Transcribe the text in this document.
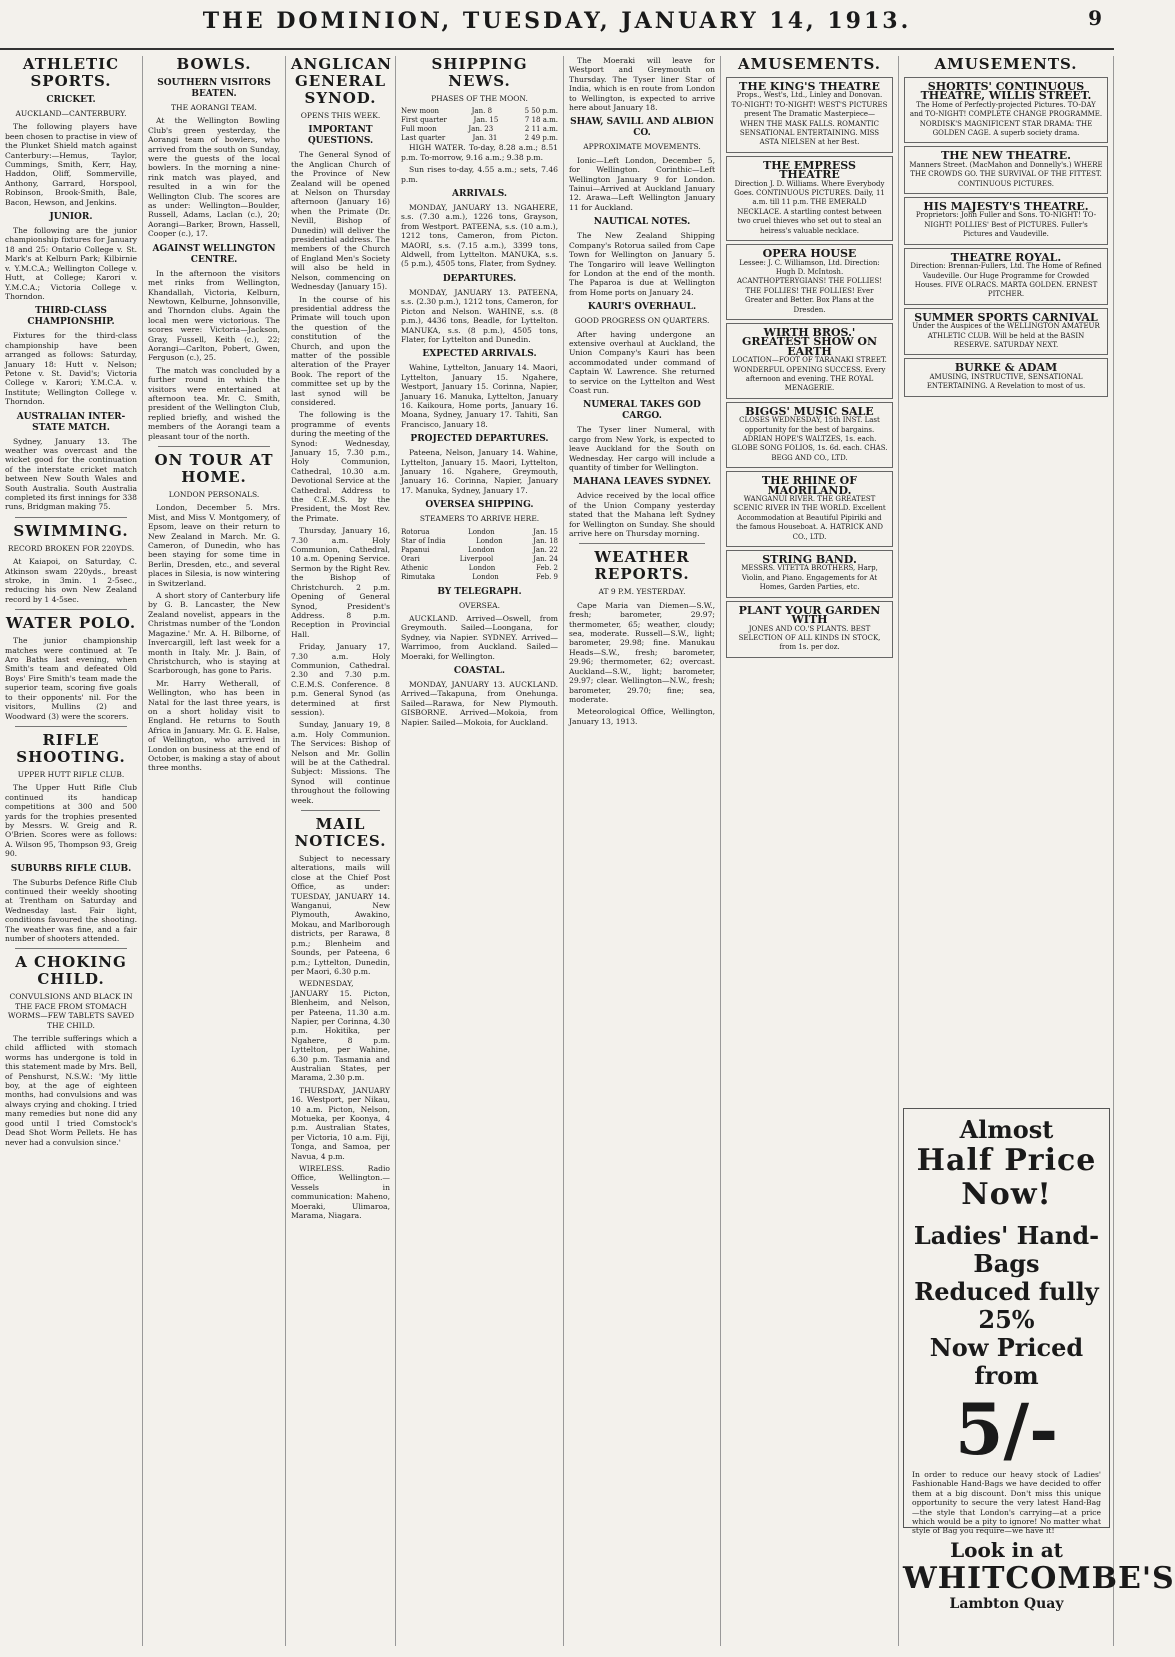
THE DOMINION, TUESDAY, JANUARY 14, 1913.	9
ATHLETIC SPORTS.
CRICKET.
AUCKLAND—CANTERBURY.

The following players have been chosen to practise in view of the Plunket Shield match against Canterbury:—Hemus, Taylor, Cummings, Smith, Kerr, Hay, Haddon, Oliff, Sommerville, Anthony, Garrard, Horspool, Robinson, Brook-Smith, Bale, Bacon, Hewson, and Jenkins.

JUNIOR.

The following are the junior championship fixtures for January 18 and 25: Ontario College v. St. Mark's at Kelburn Park; Kilbirnie v. Y.M.C.A.; Wellington College v. Hutt, at College; Karori v. Y.M.C.A.; Victoria College v. Thorndon.

THIRD-CLASS CHAMPIONSHIP.

Fixtures for the third-class championship have been arranged as follows: Saturday, January 18: Hutt v. Nelson; Petone v. St. David's; Victoria College v. Karori; Y.M.C.A. v. Institute; Wellington College v. Thorndon.

AUSTRALIAN INTER-STATE MATCH.

Sydney, January 13. The weather was overcast and the wicket good for the continuation of the interstate cricket match between New South Wales and South Australia. South Australia completed its first innings for 338 runs, Bridgman making 75.

SWIMMING.
RECORD BROKEN FOR 220YDS.

At Kaiapoi, on Saturday, C. Atkinson swam 220yds., breast stroke, in 3min. 1 2-5sec., reducing his own New Zealand record by 1 4-5sec.

WATER POLO.

The junior championship matches were continued at Te Aro Baths last evening, when Smith's team and defeated Old Boys' Fire Smith's team made the superior team, scoring five goals to their opponents' nil. For the visitors, Mullins (2) and Woodward (3) were the scorers.

RIFLE SHOOTING.
UPPER HUTT RIFLE CLUB.

The Upper Hutt Rifle Club continued its handicap competitions at 300 and 500 yards for the trophies presented by Messrs. W. Greig and R. O'Brien. Scores were as follows: A. Wilson 95, Thompson 93, Greig 90.

SUBURBS RIFLE CLUB.

The Suburbs Defence Rifle Club continued their weekly shooting at Trentham on Saturday and Wednesday last. Fair light, conditions favoured the shooting. The weather was fine, and a fair number of shooters attended.

A CHOKING CHILD.
CONVULSIONS AND BLACK IN THE FACE FROM STOMACH WORMS—FEW TABLETS SAVED THE CHILD.

The terrible sufferings which a child afflicted with stomach worms has undergone is told in this statement made by Mrs. Bell, of Penshurst, N.S.W.: 'My little boy, at the age of eighteen months, had convulsions and was always crying and choking. I tried many remedies but none did any good until I tried Comstock's Dead Shot Worm Pellets. He has never had a convulsion since.'

BOWLS.
SOUTHERN VISITORS BEATEN.
THE AORANGI TEAM.

At the Wellington Bowling Club's green yesterday, the Aorangi team of bowlers, who arrived from the south on Sunday, were the guests of the local bowlers. In the morning a nine-rink match was played, and resulted in a win for the Wellington Club. The scores are as under: Wellington—Boulder, Russell, Adams, Laclan (c.), 20; Aorangi—Barker, Brown, Hassell, Cooper (c.), 17.

AGAINST WELLINGTON CENTRE.

In the afternoon the visitors met rinks from Wellington, Khandallah, Victoria, Kelburn, Newtown, Kelburne, Johnsonville, and Thorndon clubs. Again the local men were victorious. The scores were: Victoria—Jackson, Gray, Fussell, Keith (c.), 22; Aorangi—Carlton, Pobert, Gwen, Ferguson (c.), 25.

The match was concluded by a further round in which the visitors were entertained at afternoon tea. Mr. C. Smith, president of the Wellington Club, replied briefly, and wished the members of the Aorangi team a pleasant tour of the north.

ON TOUR AT HOME.
LONDON PERSONALS.

London, December 5. Mrs. Mist, and Miss V. Montgomery, of Epsom, leave on their return to New Zealand in March. Mr. G. Cameron, of Dunedin, who has been staying for some time in Berlin, Dresden, etc., and several places in Silesia, is now wintering in Switzerland.

A short story of Canterbury life by G. B. Lancaster, the New Zealand novelist, appears in the Christmas number of the 'London Magazine.' Mr. A. H. Bilborne, of Invercargill, left last week for a month in Italy. Mr. J. Bain, of Christchurch, who is staying at Scarborough, has gone to Paris.

Mr. Harry Wetherall, of Wellington, who has been in Natal for the last three years, is on a short holiday visit to England. He returns to South Africa in January. Mr. G. E. Halse, of Wellington, who arrived in London on business at the end of October, is making a stay of about three months.

ANGLICAN GENERAL SYNOD.
OPENS THIS WEEK.
IMPORTANT QUESTIONS.

The General Synod of the Anglican Church of the Province of New Zealand will be opened at Nelson on Thursday afternoon (January 16) when the Primate (Dr. Nevill, Bishop of Dunedin) will deliver the presidential address. The members of the Church of England Men's Society will also be held in Nelson, commencing on Wednesday (January 15).

In the course of his presidential address the Primate will touch upon the question of the constitution of the Church, and upon the matter of the possible alteration of the Prayer Book. The report of the committee set up by the last synod will be considered.

The following is the programme of events during the meeting of the Synod: Wednesday, January 15, 7.30 p.m., Holy Communion, Cathedral, 10.30 a.m. Devotional Service at the Cathedral. Address to the C.E.M.S. by the President, the Most Rev. the Primate.

Thursday, January 16, 7.30 a.m. Holy Communion, Cathedral, 10 a.m. Opening Service. Sermon by the Right Rev. the Bishop of Christchurch. 2 p.m. Opening of General Synod, President's Address. 8 p.m. Reception in Provincial Hall.

Friday, January 17, 7.30 a.m. Holy Communion, Cathedral. 2.30 and 7.30 p.m. C.E.M.S. Conference. 8 p.m. General Synod (as determined at first session).

Sunday, January 19, 8 a.m. Holy Communion. The Services: Bishop of Nelson and Mr. Gollin will be at the Cathedral. Subject: Missions. The Synod will continue throughout the following week.

MAIL NOTICES.

Subject to necessary alterations, mails will close at the Chief Post Office, as under: TUESDAY, JANUARY 14. Wanganui, New Plymouth, Awakino, Mokau, and Marlborough districts, per Rarawa, 8 p.m.; Blenheim and Sounds, per Pateena, 6 p.m.; Lyttelton, Dunedin, per Maori, 6.30 p.m.

WEDNESDAY, JANUARY 15. Picton, Blenheim, and Nelson, per Pateena, 11.30 a.m. Napier, per Corinna, 4.30 p.m. Hokitika, per Ngahere, 8 p.m. Lyttelton, per Wahine, 6.30 p.m. Tasmania and Australian States, per Marama, 2.30 p.m.

THURSDAY, JANUARY 16. Westport, per Nikau, 10 a.m. Picton, Nelson, Motueka, per Koonya, 4 p.m. Australian States, per Victoria, 10 a.m. Fiji, Tonga, and Samoa, per Navua, 4 p.m.

WIRELESS. Radio Office, Wellington.—Vessels in communication: Maheno, Moeraki, Ulimaroa, Marama, Niagara.

SHIPPING NEWS.
PHASES OF THE MOON.
New moon	Jan. 8	5 50 p.m.
First quarter	Jan. 15	7 18 a.m.
Full moon	Jan. 23	2 11 a.m.
Last quarter	Jan. 31	2 49 p.m.

HIGH WATER. To-day, 8.28 a.m.; 8.51 p.m. To-morrow, 9.16 a.m.; 9.38 p.m.

Sun rises to-day, 4.55 a.m.; sets, 7.46 p.m.

ARRIVALS.

MONDAY, JANUARY 13. NGAHERE, s.s. (7.30 a.m.), 1226 tons, Grayson, from Westport. PATEENA, s.s. (10 a.m.), 1212 tons, Cameron, from Picton. MAORI, s.s. (7.15 a.m.), 3399 tons, Aldwell, from Lyttelton. MANUKA, s.s. (5 p.m.), 4505 tons, Flater, from Sydney.

DEPARTURES.

MONDAY, JANUARY 13. PATEENA, s.s. (2.30 p.m.), 1212 tons, Cameron, for Picton and Nelson. WAHINE, s.s. (8 p.m.), 4436 tons, Beadle, for Lyttelton. MANUKA, s.s. (8 p.m.), 4505 tons, Flater, for Lyttelton and Dunedin.

EXPECTED ARRIVALS.

Wahine, Lyttelton, January 14. Maori, Lyttelton, January 15. Ngahere, Westport, January 15. Corinna, Napier, January 16. Manuka, Lyttelton, January 16. Kaikoura, Home ports, January 16. Moana, Sydney, January 17. Tahiti, San Francisco, January 18.

PROJECTED DEPARTURES.

Pateena, Nelson, January 14. Wahine, Lyttelton, January 15. Maori, Lyttelton, January 16. Ngahere, Greymouth, January 16. Corinna, Napier, January 17. Manuka, Sydney, January 17.

OVERSEA SHIPPING.
STEAMERS TO ARRIVE HERE.
Rotorua	London	Jan. 15
Star of India	London	Jan. 18
Papanui	London	Jan. 22
Orari	Liverpool	Jan. 24
Athenic	London	Feb. 2
Rimutaka	London	Feb. 9
BY TELEGRAPH.
OVERSEA.

AUCKLAND. Arrived—Oswell, from Greymouth. Sailed—Loongana, for Sydney, via Napier. SYDNEY. Arrived—Warrimoo, from Auckland. Sailed—Moeraki, for Wellington.

COASTAL.

MONDAY, JANUARY 13. AUCKLAND. Arrived—Takapuna, from Onehunga. Sailed—Rarawa, for New Plymouth. GISBORNE. Arrived—Mokoia, from Napier. Sailed—Mokoia, for Auckland.

The Moeraki will leave for Westport and Greymouth on Thursday. The Tyser liner Star of India, which is en route from London to Wellington, is expected to arrive here about January 18.

SHAW, SAVILL AND ALBION CO.
APPROXIMATE MOVEMENTS.

Ionic—Left London, December 5, for Wellington. Corinthic—Left Wellington January 9 for London. Tainui—Arrived at Auckland January 12. Arawa—Left Wellington January 11 for Auckland.

NAUTICAL NOTES.

The New Zealand Shipping Company's Rotorua sailed from Cape Town for Wellington on January 5. The Tongariro will leave Wellington for London at the end of the month. The Paparoa is due at Wellington from Home ports on January 24.

KAURI'S OVERHAUL.
GOOD PROGRESS ON QUARTERS.

After having undergone an extensive overhaul at Auckland, the Union Company's Kauri has been accommodated under command of Captain W. Lawrence. She returned to service on the Lyttelton and West Coast run.

NUMERAL TAKES GOD CARGO.

The Tyser liner Numeral, with cargo from New York, is expected to leave Auckland for the South on Wednesday. Her cargo will include a quantity of timber for Wellington.

MAHANA LEAVES SYDNEY.

Advice received by the local office of the Union Company yesterday stated that the Mahana left Sydney for Wellington on Sunday. She should arrive here on Thursday morning.

WEATHER REPORTS.
AT 9 P.M. YESTERDAY.

Cape Maria van Diemen—S.W., fresh; barometer, 29.97; thermometer, 65; weather, cloudy; sea, moderate. Russell—S.W., light; barometer, 29.98; fine. Manukau Heads—S.W., fresh; barometer, 29.96; thermometer, 62; overcast. Auckland—S.W., light; barometer, 29.97; clear. Wellington—N.W., fresh; barometer, 29.70; fine; sea, moderate.

Meteorological Office, Wellington, January 13, 1913.

AMUSEMENTS.
THE KING'S THEATRE
Props., West's, Ltd., Linley and Donovan. TO-NIGHT! TO-NIGHT! WEST'S PICTURES present The Dramatic Masterpiece— WHEN THE MASK FALLS. ROMANTIC SENSATIONAL ENTERTAINING. MISS ASTA NIELSEN at her Best.
THE EMPRESS THEATRE
Direction J. D. Williams. Where Everybody Goes. CONTINUOUS PICTURES. Daily, 11 a.m. till 11 p.m. THE EMERALD NECKLACE. A startling contest between two cruel thieves who set out to steal an heiress's valuable necklace.
OPERA HOUSE
Lessee: J. C. Williamson, Ltd. Direction: Hugh D. McIntosh. ACANTHOPTERYGIANS! THE FOLLIES! THE FOLLIES! THE FOLLIES! Ever Greater and Better. Box Plans at the Dresden.
WIRTH BROS.' GREATEST SHOW ON EARTH
LOCATION—FOOT OF TARANAKI STREET. WONDERFUL OPENING SUCCESS. Every afternoon and evening. THE ROYAL MENAGERIE.
BIGGS' MUSIC SALE
CLOSES WEDNESDAY, 15th INST. Last opportunity for the best of bargains. ADRIAN HOPE'S WALTZES, 1s. each. GLOBE SONG FOLIOS, 1s. 6d. each. CHAS. BEGG AND CO., LTD.
THE RHINE OF MAORILAND.
WANGANUI RIVER. THE GREATEST SCENIC RIVER IN THE WORLD. Excellent Accommodation at Beautiful Pipiriki and the famous Houseboat. A. HATRICK AND CO., LTD.
STRING BAND.
MESSRS. VITETTA BROTHERS, Harp, Violin, and Piano. Engagements for At Homes, Garden Parties, etc.
PLANT YOUR GARDEN WITH
JONES AND CO.'S PLANTS. BEST SELECTION OF ALL KINDS IN STOCK, from 1s. per doz.
AMUSEMENTS.
SHORTTS' CONTINUOUS THEATRE, WILLIS STREET.
The Home of Perfectly-projected Pictures. TO-DAY and TO-NIGHT! COMPLETE CHANGE PROGRAMME. NORDISK'S MAGNIFICENT STAR DRAMA: THE GOLDEN CAGE. A superb society drama.
THE NEW THEATRE.
Manners Street. (MacMahon and Donnelly's.) WHERE THE CROWDS GO. THE SURVIVAL OF THE FITTEST. CONTINUOUS PICTURES.
HIS MAJESTY'S THEATRE.
Proprietors: John Fuller and Sons. TO-NIGHT! TO-NIGHT! POLLIES' Best of PICTURES. Fuller's Pictures and Vaudeville.
THEATRE ROYAL.
Direction: Brennan-Fullers, Ltd. The Home of Refined Vaudeville. Our Huge Programme for Crowded Houses. FIVE OLRACS. MARTA GOLDEN. ERNEST PITCHER.
SUMMER SPORTS CARNIVAL
Under the Auspices of the WELLINGTON AMATEUR ATHLETIC CLUB. Will be held at the BASIN RESERVE. SATURDAY NEXT.
BURKE & ADAM
AMUSING, INSTRUCTIVE, SENSATIONAL ENTERTAINING. A Revelation to most of us.
Almost
Half Price Now!
Ladies' Hand-Bags
Reduced fully 25%
Now Priced from
5/-
In order to reduce our heavy stock of Ladies' Fashionable Hand-Bags we have decided to offer them at a big discount. Don't miss this unique opportunity to secure the very latest Hand-Bag—the style that London's carrying—at a price which would be a pity to ignore! No matter what style of Bag you require—we have it!
Look in at
WHITCOMBE'S
Lambton Quay
